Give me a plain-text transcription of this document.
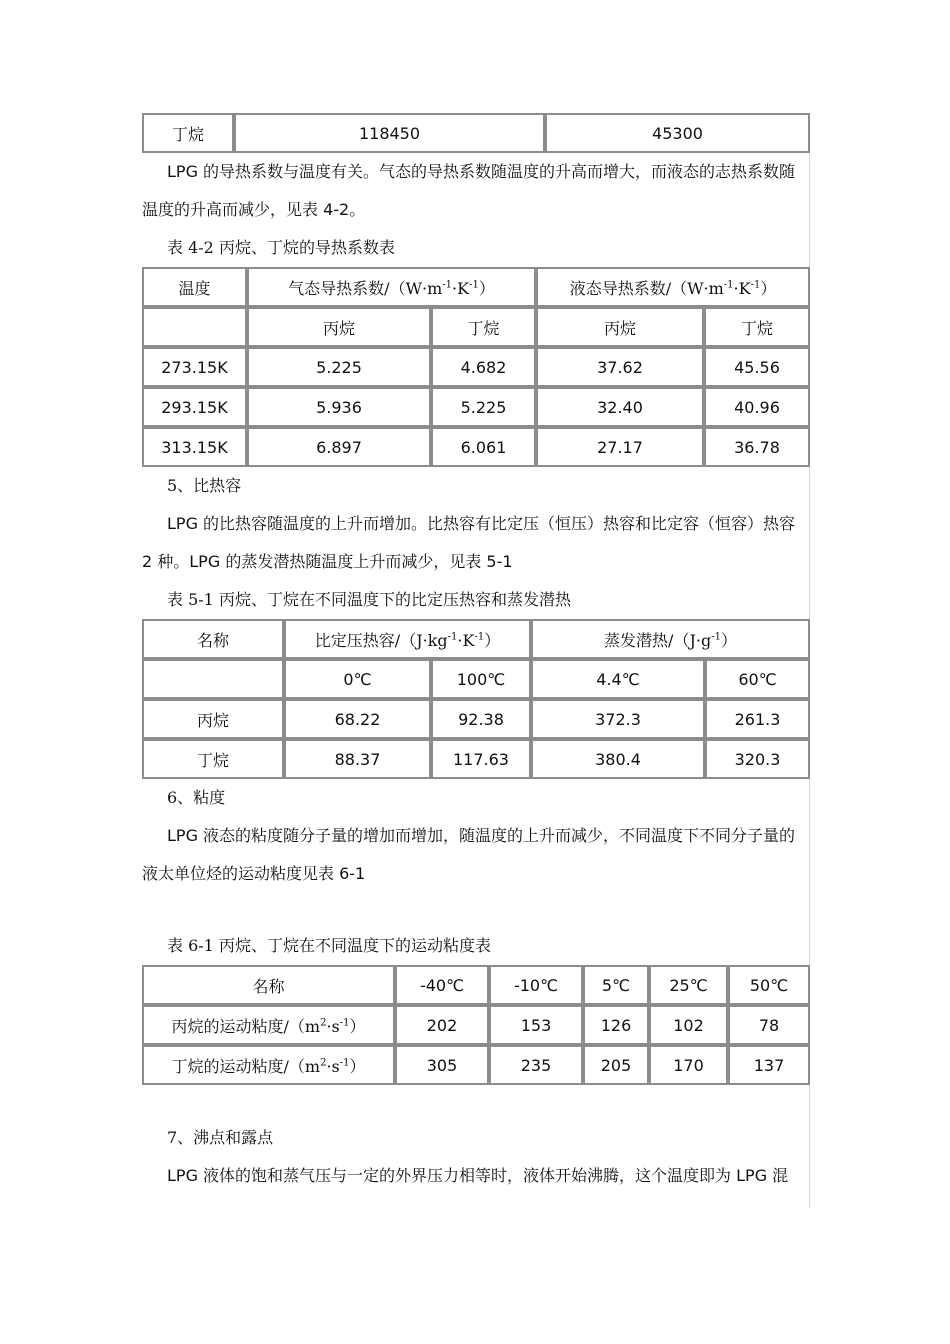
丁烷	118450	45300

LPG 的导热系数与温度有关。气态的导热系数随温度的升高而增大，而液态的志热系数随温度的升高而减少，见表 4-2。

表 4-2 丙烷、丁烷的导热系数表

温度	气态导热系数$/(W\cdot m^{-1}\cdot K^{-1})$		液态导热系数$/(W\cdot m^{-1}\cdot K^{-1})$	
	丙烷	丁烷	丙烷	丁烷
273.15K	5.225	4.682	37.62	45.56
293.15K	5.936	5.225	32.40	40.96
313.15K	6.897	6.061	27.17	36.78

5、比热容

LPG 的比热容随温度的上升而增加。比热容有比定压（恒压）热容和比定容（恒容）热容 2 种。LPG 的蒸发潜热随温度上升而减少，见表 5-1

表 5-1 丙烷、丁烷在不同温度下的比定压热容和蒸发潜热

名称	比定压热容$/(J\cdot kg^{-1}\cdot K^{-1})$		蒸发潜热$/(J\cdot g^{-1})$	
	0℃	100℃	4.4℃	60℃
丙烷	68.22	92.38	372.3	261.3
丁烷	88.37	117.63	380.4	320.3

6、粘度

LPG 液态的粘度随分子量的增加而增加，随温度的上升而减少，不同温度下不同分子量的液太单位烃的运动粘度见表 6-1

表 6-1 丙烷、丁烷在不同温度下的运动粘度表

名称	-40℃	-10℃	5℃	25℃	50℃
丙烷的运动粘度$/(m^2\cdot s^{-1})$	202	153	126	102	78
丁烷的运动粘度$/(m^2\cdot s^{-1})$	305	235	205	170	137

7、沸点和露点

LPG 液体的饱和蒸气压与一定的外界压力相等时，液体开始沸腾，这个温度即为 LPG 混
